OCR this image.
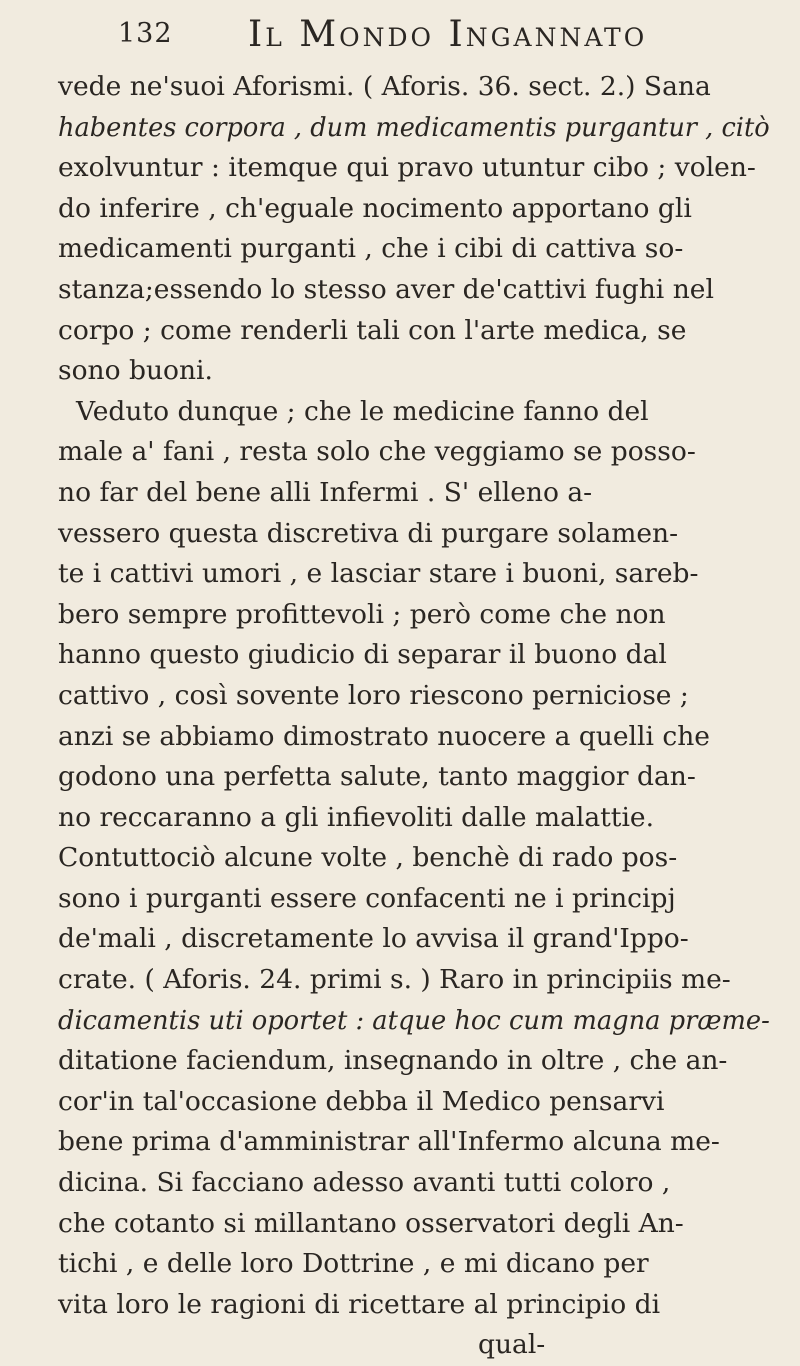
132 Il Mondo Ingannato
vede ne'suoi Aforismi. ( Aforis. 36. sect. 2.) Sana
habentes corpora , dum medicamentis purgantur , citò
exolvuntur : itemque qui pravo utuntur cibo ; volen-
do inferire , ch'eguale nocimento apportano gli
medicamenti purganti , che i cibi di cattiva so-
stanza;essendo lo stesso aver de'cattivi fughi nel
corpo ; come renderli tali con l'arte medica, se
sono buoni.
Veduto dunque ; che le medicine fanno del
male a' fani , resta solo che veggiamo se posso-
no far del bene alli Infermi . S' elleno a-
vessero questa discretiva di purgare solamen-
te i cattivi umori , e lasciar stare i buoni, sareb-
bero sempre profittevoli ; però come che non
hanno questo giudicio di separar il buono dal
cattivo , così sovente loro riescono perniciose ;
anzi se abbiamo dimostrato nuocere a quelli che
godono una perfetta salute, tanto maggior dan-
no reccaranno a gli infievoliti dalle malattie.
Contuttociò alcune volte , benchè di rado pos-
sono i purganti essere confacenti ne i principj
de'mali , discretamente lo avvisa il grand'Ippo-
crate. ( Aforis. 24. primi s. ) Raro in principiis me-
dicamentis uti oportet : atque hoc cum magna præme-
ditatione faciendum, insegnando in oltre , che an-
cor'in tal'occasione debba il Medico pensarvi
bene prima d'amministrar all'Infermo alcuna me-
dicina. Si facciano adesso avanti tutti coloro ,
che cotanto si millantano osservatori degli An-
tichi , e delle loro Dottrine , e mi dicano per
vita loro le ragioni di ricettare al principio di
qual-
